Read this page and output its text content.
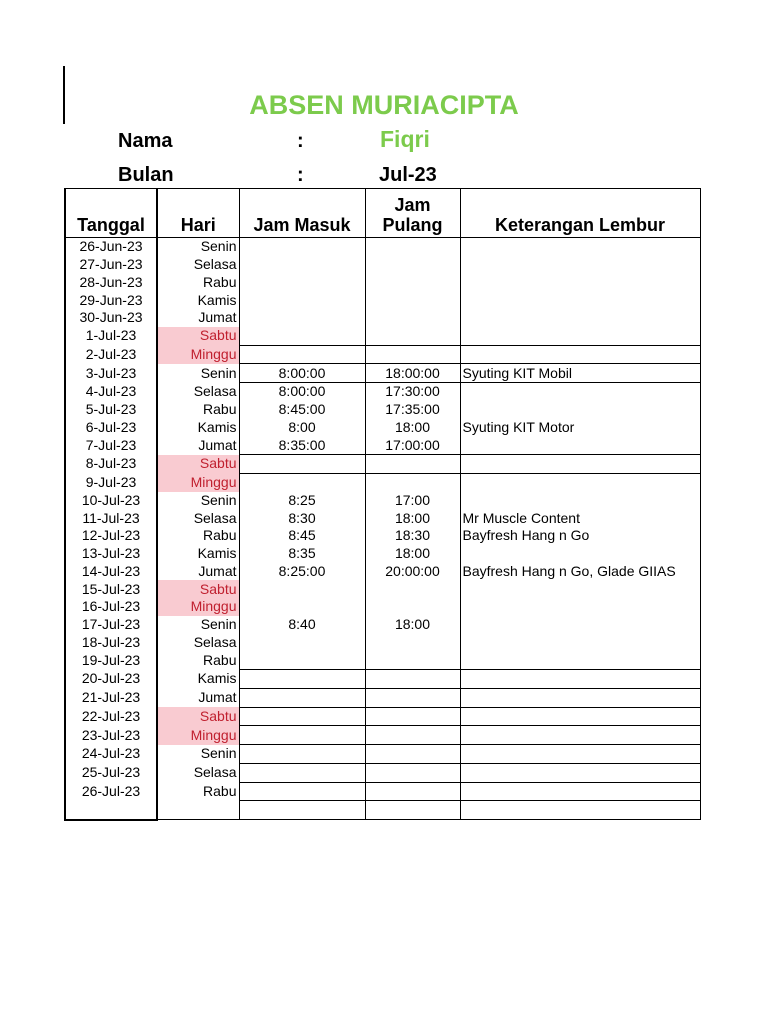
ABSEN MURIACIPTA
Nama	:	Fiqri
Bulan	:	Jul-23
Tanggal	Hari	Jam Masuk	Jam Pulang	Keterangan Lembur
26-Jun-23	Senin			
27-Jun-23	Selasa			
28-Jun-23	Rabu			
29-Jun-23	Kamis			
30-Jun-23	Jumat			
1-Jul-23	Sabtu			
2-Jul-23	Minggu			
3-Jul-23	Senin	8:00:00	18:00:00	Syuting KIT Mobil
4-Jul-23	Selasa	8:00:00	17:30:00	
5-Jul-23	Rabu	8:45:00	17:35:00	
6-Jul-23	Kamis	8:00	18:00	Syuting KIT Motor
7-Jul-23	Jumat	8:35:00	17:00:00	
8-Jul-23	Sabtu			
9-Jul-23	Minggu			
10-Jul-23	Senin	8:25	17:00	
11-Jul-23	Selasa	8:30	18:00	Mr Muscle Content
12-Jul-23	Rabu	8:45	18:30	Bayfresh Hang n Go
13-Jul-23	Kamis	8:35	18:00	
14-Jul-23	Jumat	8:25:00	20:00:00	Bayfresh Hang n Go, Glade GIIAS
15-Jul-23	Sabtu			
16-Jul-23	Minggu			
17-Jul-23	Senin	8:40	18:00	
18-Jul-23	Selasa			
19-Jul-23	Rabu			
20-Jul-23	Kamis			
21-Jul-23	Jumat			
22-Jul-23	Sabtu			
23-Jul-23	Minggu			
24-Jul-23	Senin			
25-Jul-23	Selasa			
26-Jul-23	Rabu			
